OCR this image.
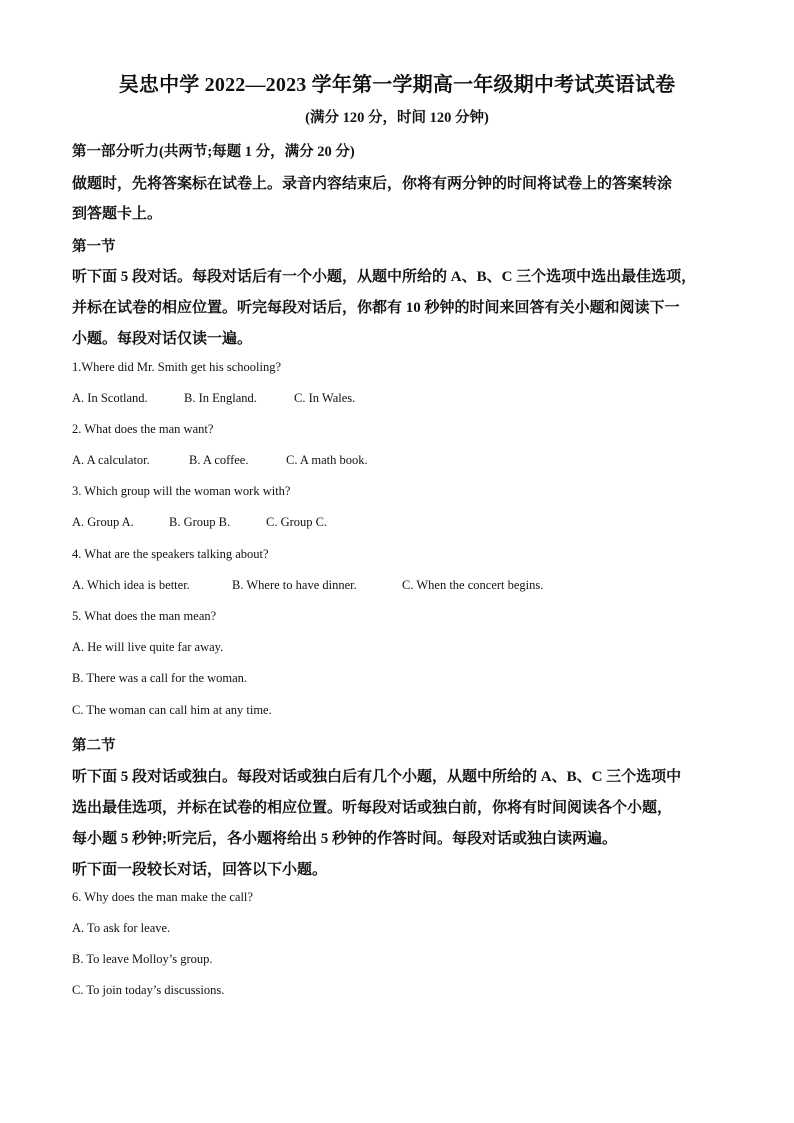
吴忠中学 2022—2023 学年第一学期高一年级期中考试英语试卷
(满分 120 分，时间 120 分钟)
第一部分听力(共两节;每题 1 分，满分 20 分)
做题时，先将答案标在试卷上。录音内容结束后，你将有两分钟的时间将试卷上的答案转涂
到答题卡上。
第一节
听下面 5 段对话。每段对话后有一个小题，从题中所给的 A、B、C 三个选项中选出最佳选项，
并标在试卷的相应位置。听完每段对话后，你都有 10 秒钟的时间来回答有关小题和阅读下一
小题。每段对话仅读一遍。
1.Where did Mr. Smith get his schooling?
A. In Scotland.	B. In England.	C. In Wales.
2. What does the man want?
A. A calculator.	B. A coffee.	C. A math book.
3. Which group will the woman work with?
A. Group A.	B. Group B.	C. Group C.
4. What are the speakers talking about?
A. Which idea is better.	B. Where to have dinner.	C. When the concert begins.
5. What does the man mean?
A. He will live quite far away.
B. There was a call for the woman.
C. The woman can call him at any time.
第二节
听下面 5 段对话或独白。每段对话或独白后有几个小题，从题中所给的 A、B、C 三个选项中
选出最佳选项，并标在试卷的相应位置。听每段对话或独白前，你将有时间阅读各个小题，
每小题 5 秒钟;听完后，各小题将给出 5 秒钟的作答时间。每段对话或独白读两遍。
听下面一段较长对话，回答以下小题。
6. Why does the man make the call?
A. To ask for leave.
B. To leave Molloy’s group.
C. To join today’s discussions.
